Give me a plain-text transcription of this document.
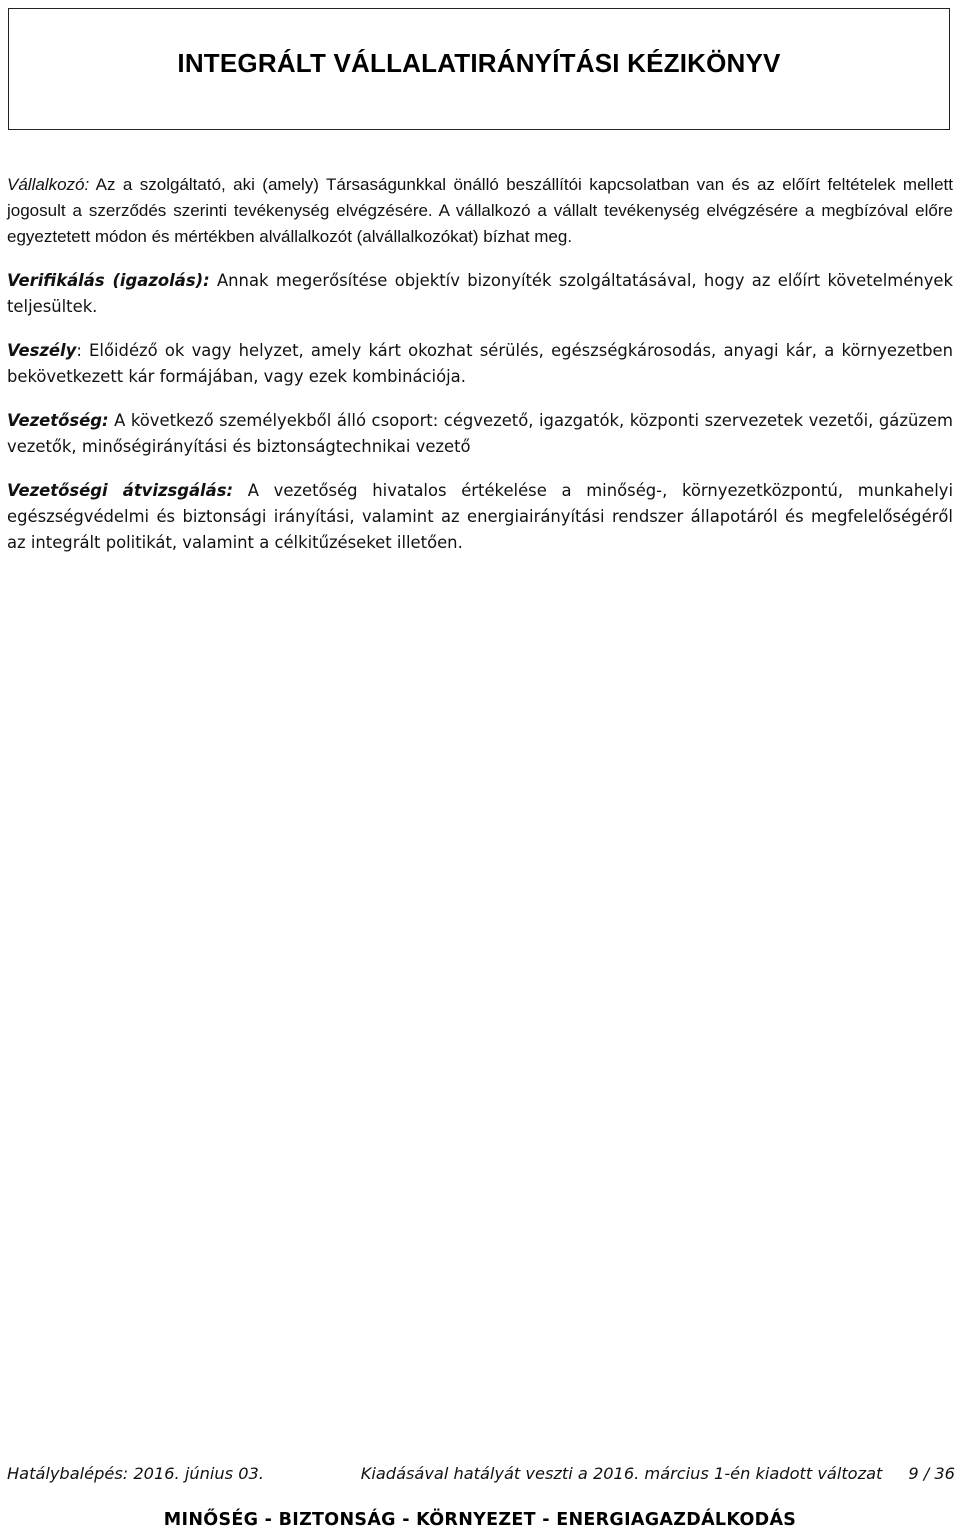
INTEGRÁLT VÁLLALATIRÁNYÍTÁSI KÉZIKÖNYV

Vállalkozó: Az a szolgáltató, aki (amely) Társaságunkkal önálló beszállítói kapcsolatban van és az előírt feltételek mellett jogosult a szerződés szerinti tevékenység elvégzésére. A vállalkozó a vállalt tevékenység elvégzésére a megbízóval előre egyeztetett módon és mértékben alvállalkozót (alvállalkozókat) bízhat meg.

Verifikálás (igazolás): Annak megerősítése objektív bizonyíték szolgáltatásával, hogy az előírt követelmények teljesültek.

Veszély: Előidéző ok vagy helyzet, amely kárt okozhat sérülés, egészségkárosodás, anyagi kár, a környezetben bekövetkezett kár formájában, vagy ezek kombinációja.

Vezetőség: A következő személyekből álló csoport: cégvezető, igazgatók, központi szervezetek vezetői, gázüzem vezetők, minőségirányítási és biztonságtechnikai vezető

Vezetőségi átvizsgálás: A vezetőség hivatalos értékelése a minőség-, környezetközpontú, munkahelyi egészségvédelmi és biztonsági irányítási, valamint az energiairányítási rendszer állapotáról és megfelelőségéről az integrált politikát, valamint a célkitűzéseket illetően.

Hatálybalépés: 2016. június 03.	Kiadásával hatályát veszti a 2016. március 1-én kiadott változat 9 / 36
MINŐSÉG - BIZTONSÁG - KÖRNYEZET - ENERGIAGAZDÁLKODÁS
